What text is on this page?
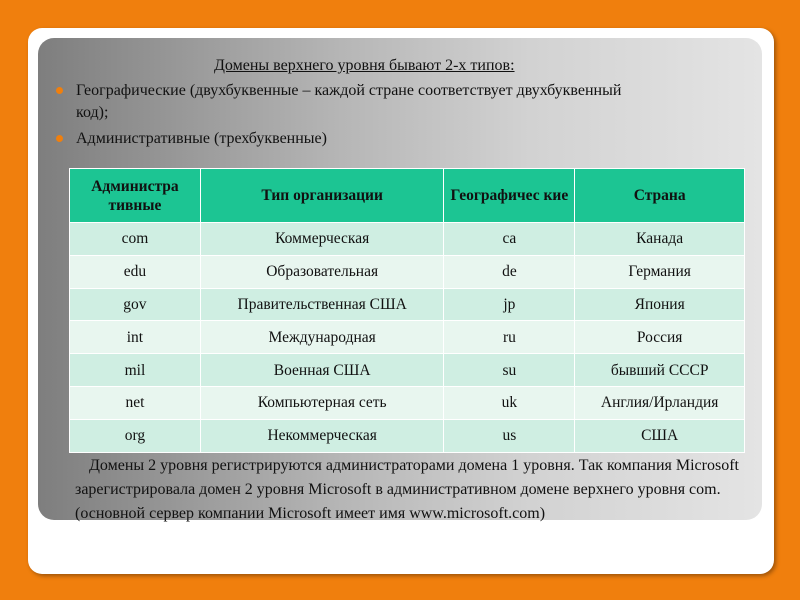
Домены верхнего уровня бывают 2-х типов:
Географические (двухбуквенные – каждой стране соответствует двухбуквенный код);
Административные (трехбуквенные)
Администра тивные	Тип организации	Географичес кие	Страна
com	Коммерческая	ca	Канада
edu	Образовательная	de	Германия
gov	Правительственная США	jp	Япония
int	Международная	ru	Россия
mil	Военная США	su	бывший СССР
net	Компьютерная сеть	uk	Англия/Ирландия
org	Некоммерческая	us	США
Домены 2 уровня регистрируются администраторами домена 1 уровня. Так компания Microsoft зарегистрировала домен 2 уровня Microsoft в административном домене верхнего уровня com. (основной сервер компании Microsoft имеет имя www.microsoft.com)
